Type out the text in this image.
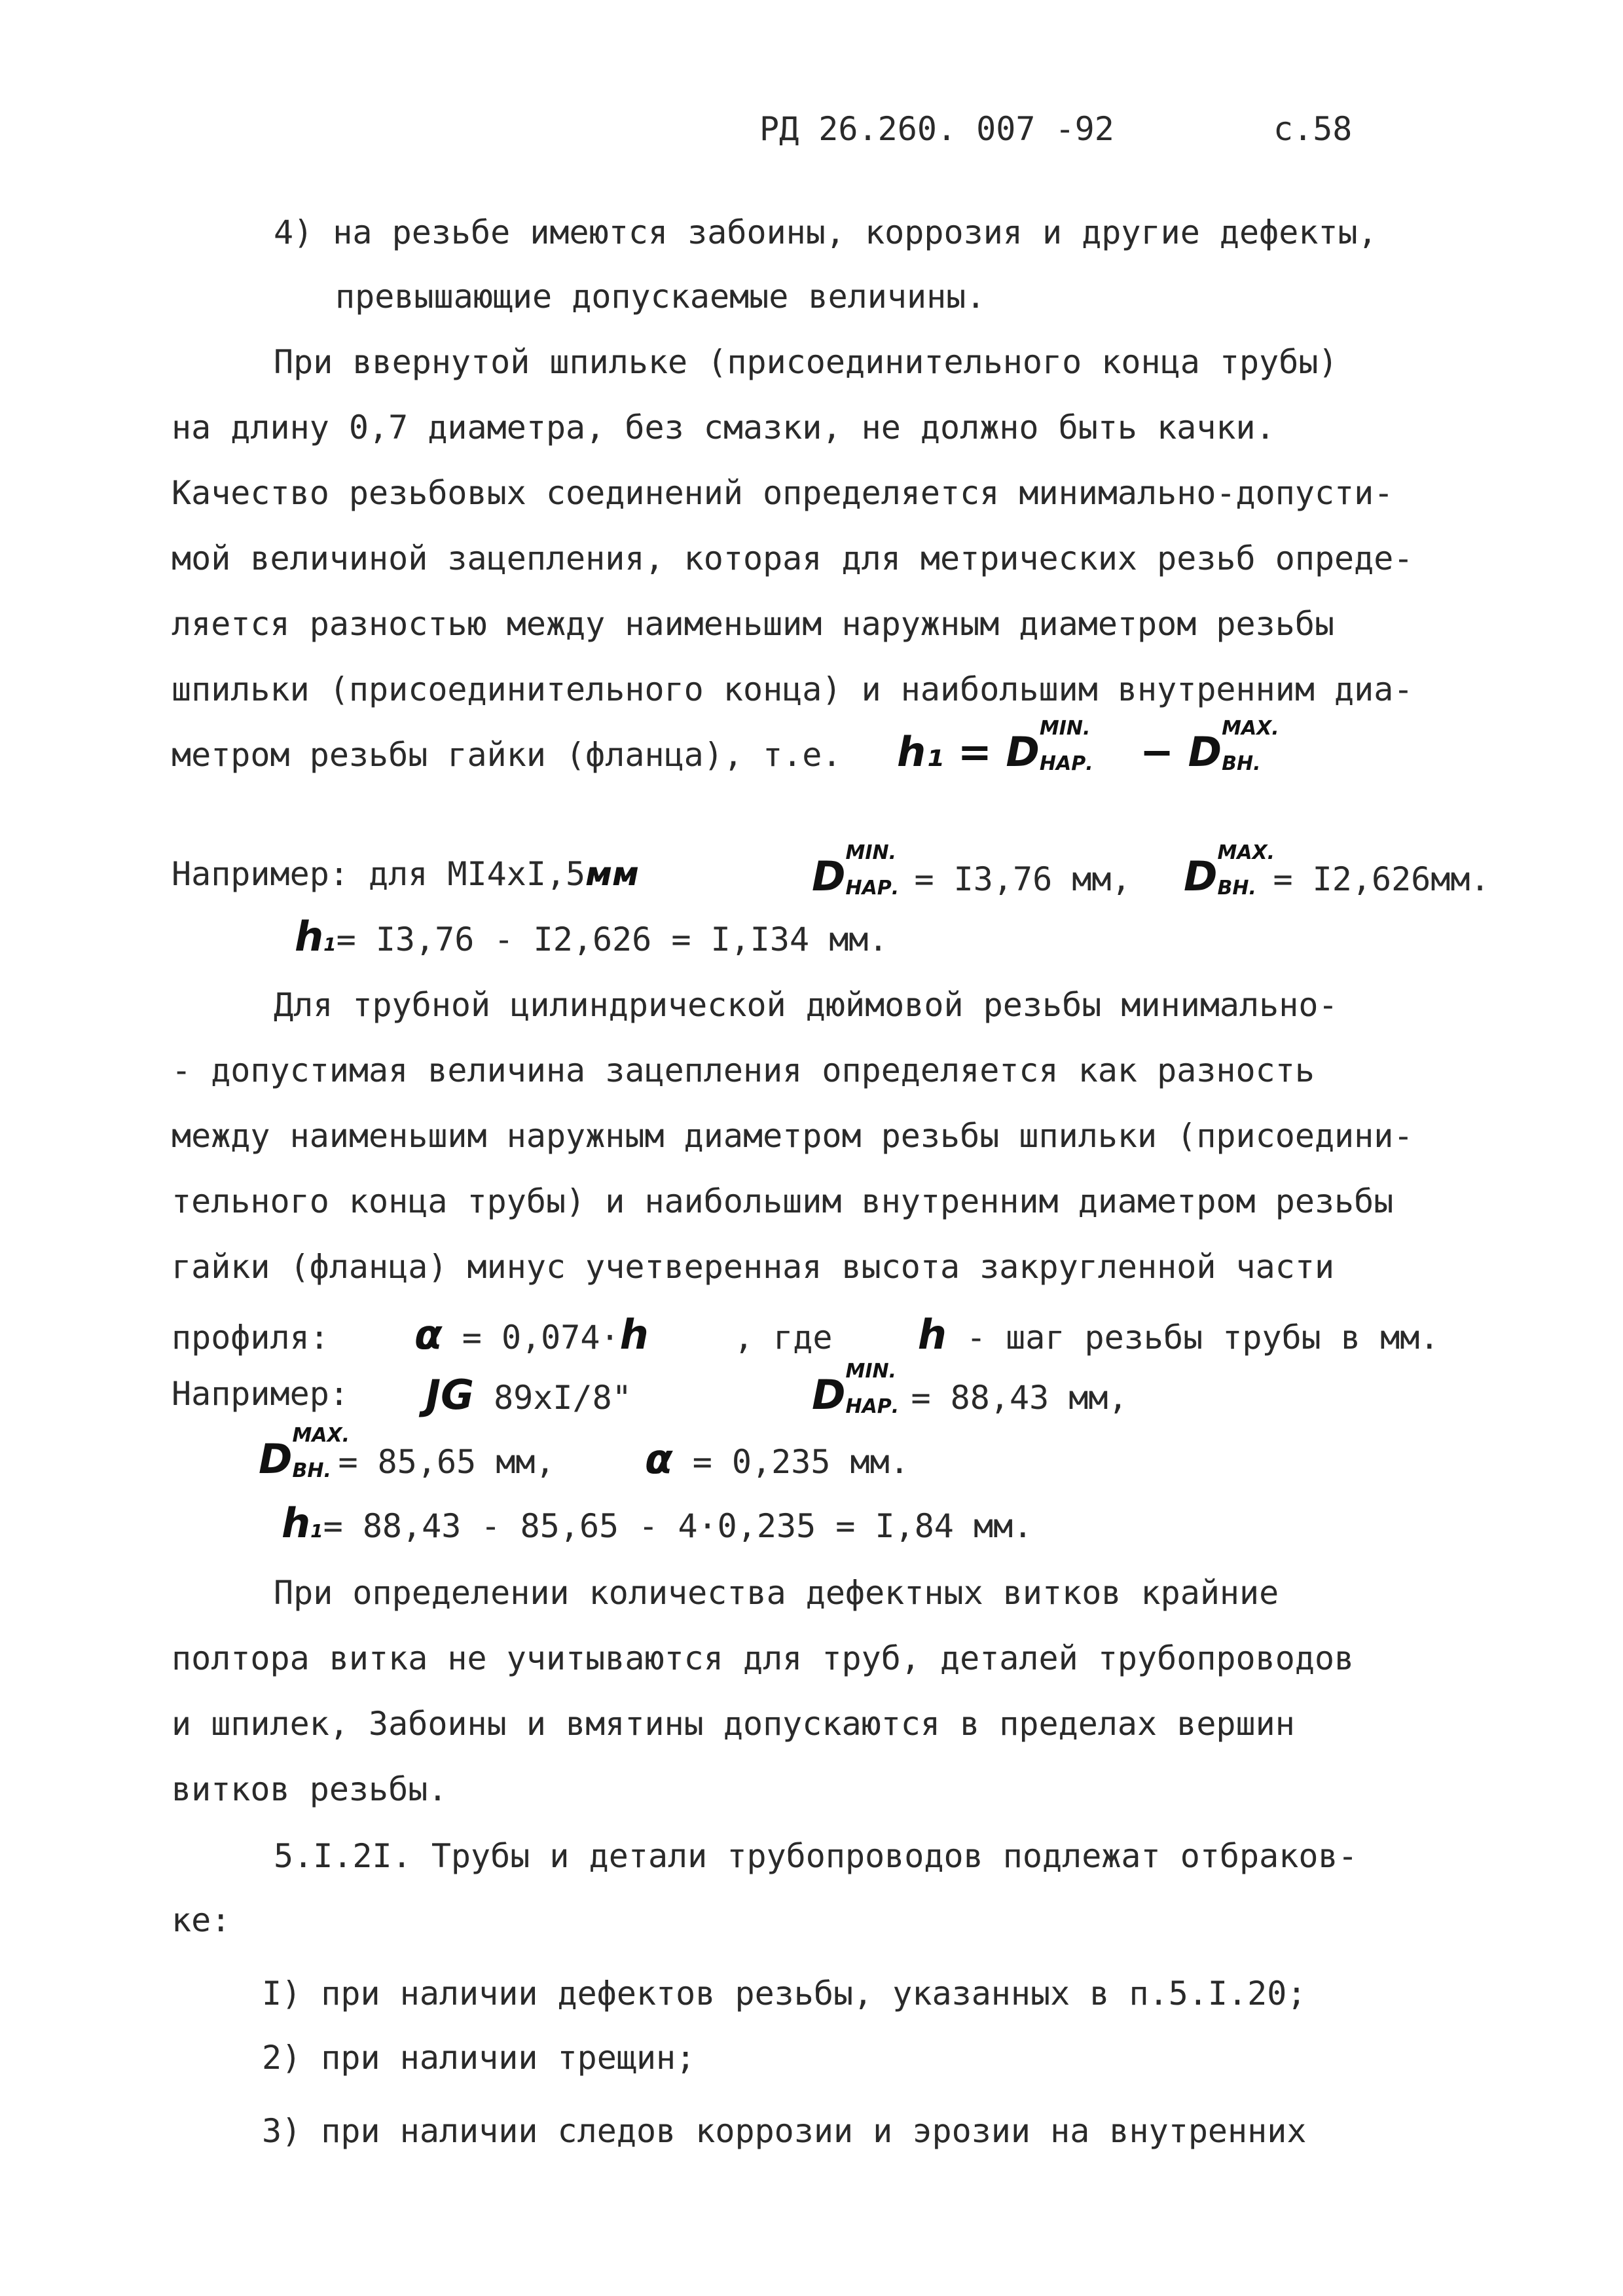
РД 26.260. 007 -92	с.58
4) на резьбе имеются забоины, коррозия и другие дефекты,
превышающие допускаемые величины.
При ввернутой шпильке (присоединительного конца трубы)
на длину 0,7 диаметра, без смазки, не должно быть качки.
Качество резьбовых соединений определяется минимально-допусти-
мой величиной зацепления, которая для метрических резьб опреде-
ляется разностью между наименьшим наружным диаметром резьбы
шпильки (присоединительного конца) и наибольшим внутренним диа-
метром резьбы гайки (фланца), т.е. h₁ = D MIN.
НАР. − D MAX.
ВН.
Например: для MI4xI,5мм	D MIN.
НАР. = I3,76 мм, D MAX.
ВН. = I2,626мм.
h1= I3,76 - I2,626 = I,I34 мм.
Для трубной цилиндрической дюймовой резьбы минимально-
- допустимая величина зацепления определяется как разность
между наименьшим наружным диаметром резьбы шпильки (присоедини-
тельного конца трубы) и наибольшим внутренним диаметром резьбы
гайки (фланца) минус учетверенная высота закругленной части
профиля: α = 0,074·h	, где h - шаг резьбы трубы в мм.
Например: JG 89xI/8"	D MIN.
НАР. = 88,43 мм,
D MAX.
ВН. = 85,65 мм, α = 0,235 мм.
h1= 88,43 - 85,65 - 4·0,235 = I,84 мм.
При определении количества дефектных витков крайние
полтора витка не учитываются для труб, деталей трубопроводов
и шпилек, Забоины и вмятины допускаются в пределах вершин
витков резьбы.
5.I.2I. Трубы и детали трубопроводов подлежат отбраков-
ке:
I) при наличии дефектов резьбы, указанных в п.5.I.20;
2) при наличии трещин;
3) при наличии следов коррозии и эрозии на внутренних
